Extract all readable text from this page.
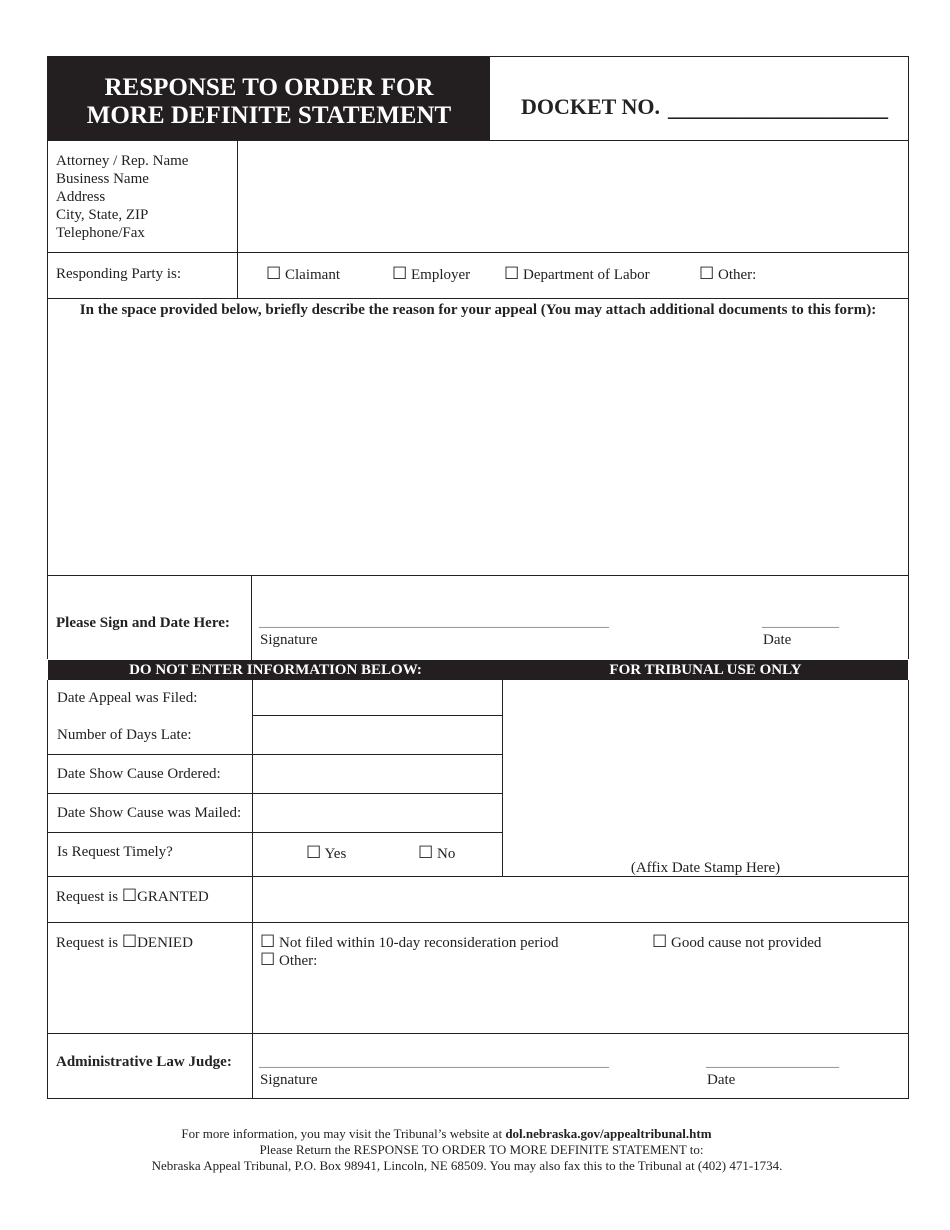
RESPONSE TO ORDER FOR
MORE DEFINITE STATEMENT	DOCKET NO. ____________________
Attorney / Rep. Name
Business Name
Address
City, State, ZIP
Telephone/Fax
Responding Party is:	☐ Claimant	☐ Employer ☐ Department of Labor	☐ Other:
In the space provided below, briefly describe the reason for your appeal (You may attach additional documents to this form):
Please Sign and Date Here: __________________________________________________	___________
Signature	Date
DO NOT ENTER INFORMATION BELOW:	FOR TRIBUNAL USE ONLY
Date Appeal was Filed:
Number of Days Late:
Date Show Cause Ordered:
Date Show Cause was Mailed:
Is Request Timely?	☐ Yes	☐ No
(Affix Date Stamp Here)
Request is ☐GRANTED
Request is ☐DENIED	☐ Not filed within 10-day reconsideration period	☐ Good cause not provided
☐ Other:
Administrative Law Judge: __________________________________________________	___________________
Signature	Date
For more information, you may visit the Tribunal’s website at dol.nebraska.gov/appealtribunal.htm
Please Return the RESPONSE TO ORDER TO MORE DEFINITE STATEMENT to:
Nebraska Appeal Tribunal, P.O. Box 98941, Lincoln, NE 68509. You may also fax this to the Tribunal at (402) 471-1734.
